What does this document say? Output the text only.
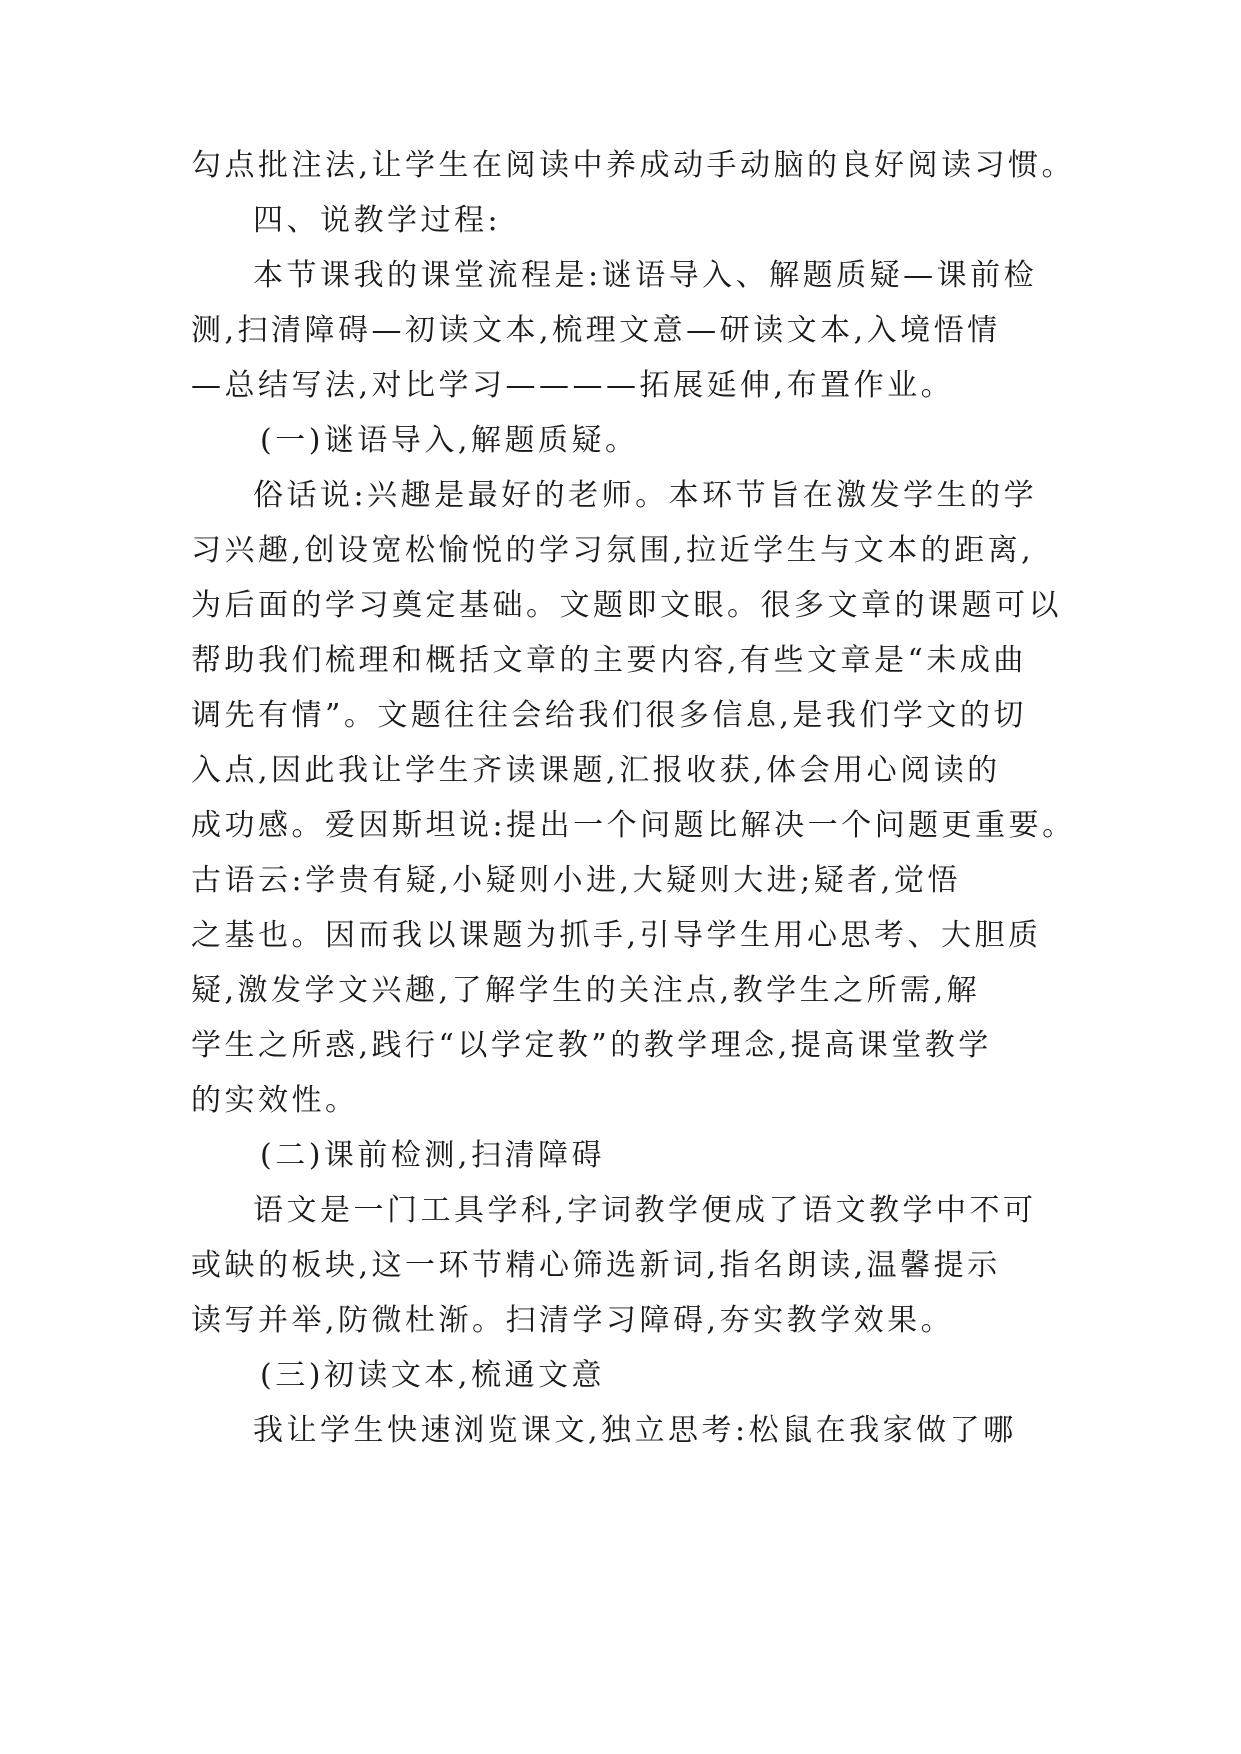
勾点批注法,让学生在阅读中养成动手动脑的良好阅读习惯。
四、说教学过程:
本节课我的课堂流程是:谜语导入、解题质疑—课前检
测,扫清障碍—初读文本,梳理文意—研读文本,入境悟情
—总结写法,对比学习————拓展延伸,布置作业。
(一)谜语导入,解题质疑。
俗话说:兴趣是最好的老师。本环节旨在激发学生的学
习兴趣,创设宽松愉悦的学习氛围,拉近学生与文本的距离,
为后面的学习奠定基础。文题即文眼。很多文章的课题可以
帮助我们梳理和概括文章的主要内容,有些文章是“未成曲
调先有情”。文题往往会给我们很多信息,是我们学文的切
入点,因此我让学生齐读课题,汇报收获,体会用心阅读的
成功感。爱因斯坦说:提出一个问题比解决一个问题更重要。
古语云:学贵有疑,小疑则小进,大疑则大进;疑者,觉悟
之基也。因而我以课题为抓手,引导学生用心思考、大胆质
疑,激发学文兴趣,了解学生的关注点,教学生之所需,解
学生之所惑,践行“以学定教”的教学理念,提高课堂教学
的实效性。
(二)课前检测,扫清障碍
语文是一门工具学科,字词教学便成了语文教学中不可
或缺的板块,这一环节精心筛选新词,指名朗读,温馨提示
读写并举,防微杜渐。扫清学习障碍,夯实教学效果。
(三)初读文本,梳通文意
我让学生快速浏览课文,独立思考:松鼠在我家做了哪
